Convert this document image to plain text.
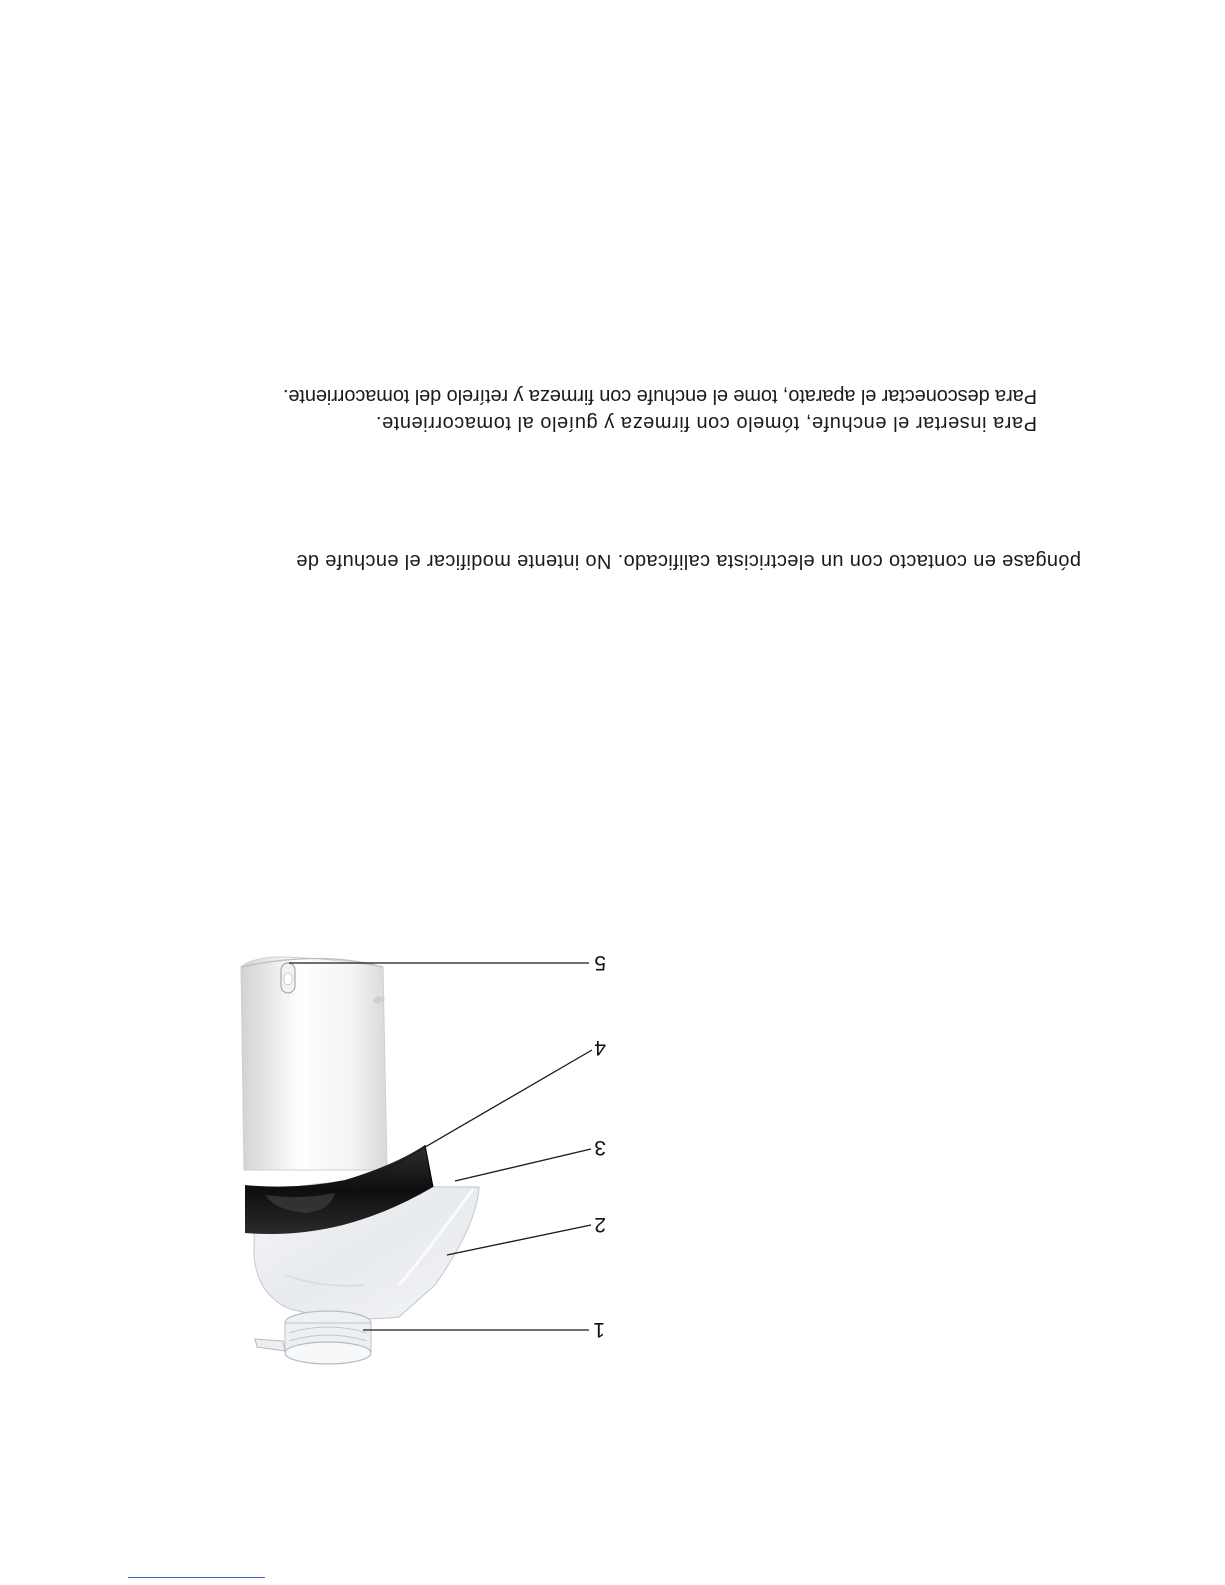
1
2
3
4
5
póngase en contacto con un electricista calificado. No intente modificar el enchufe de
Para insertar el enchufe, tómelo con firmeza y guíelo al tomacorriente.
Para desconectar el aparato, tome el enchufe con firmeza y retírelo del tomacorriente.
